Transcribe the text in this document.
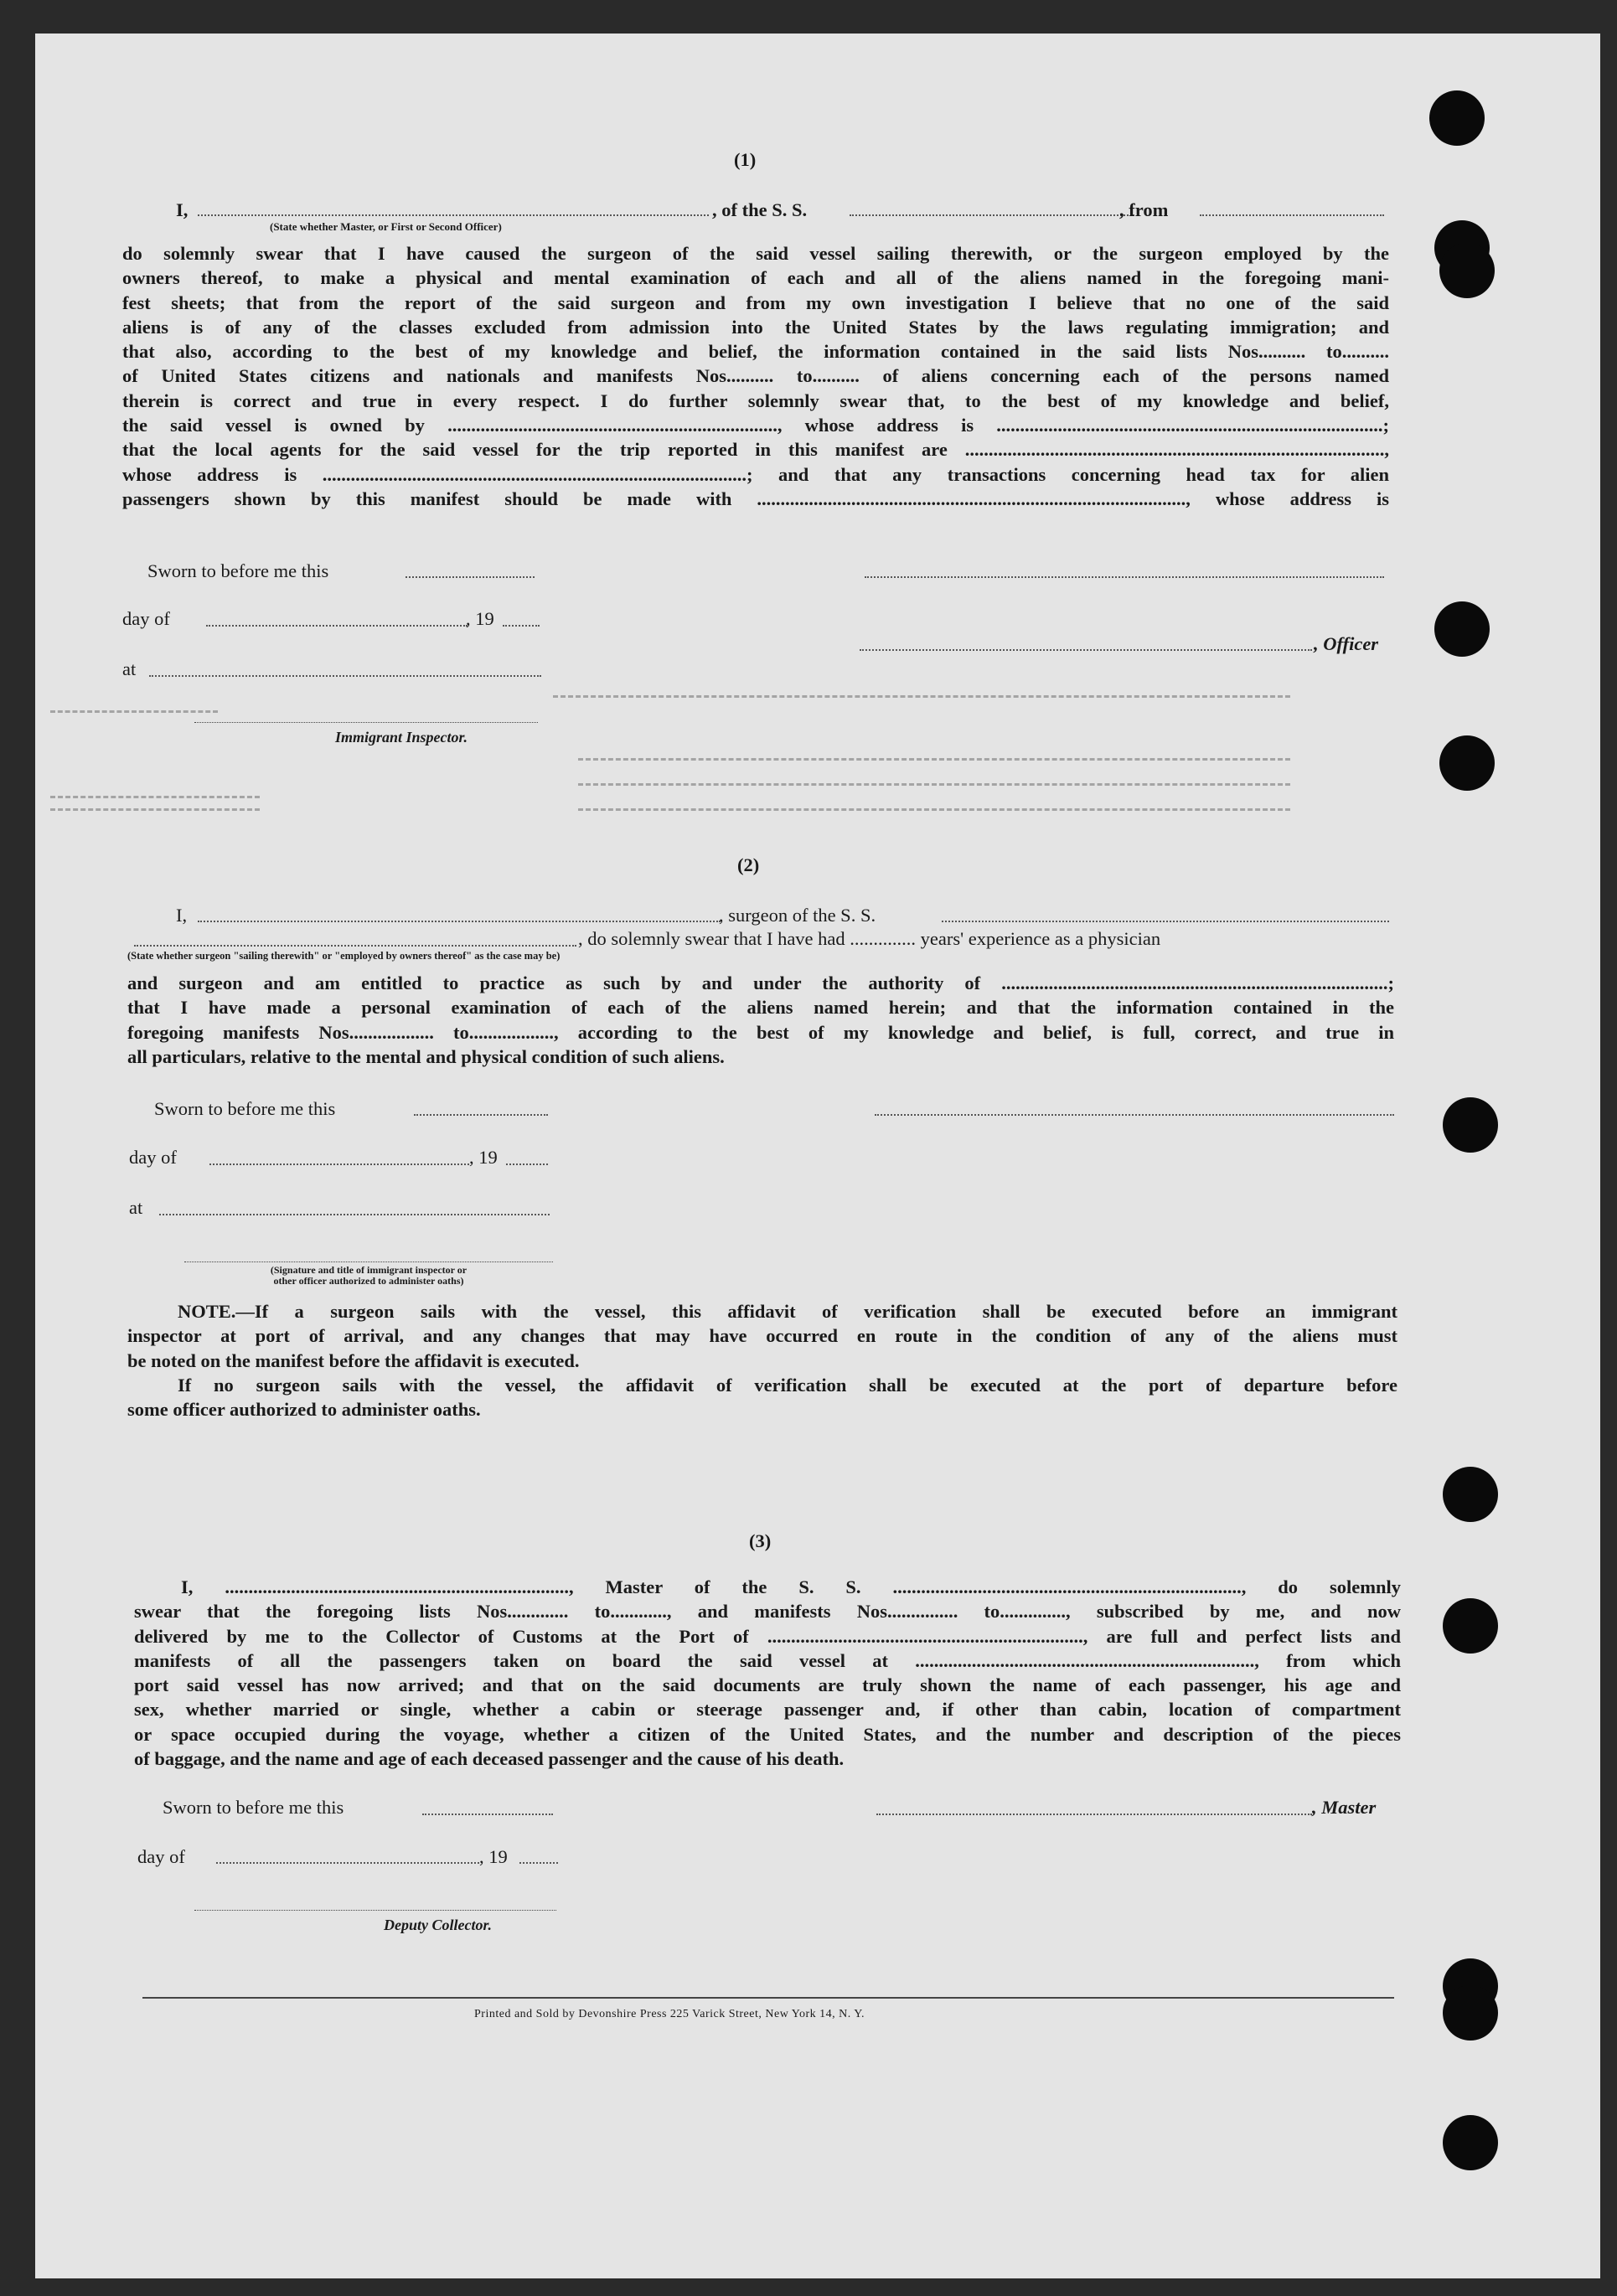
(1)
I,	, of the S. S.	, from
(State whether Master, or First or Second Officer)
do solemnly swear that I have caused the surgeon of the said vessel sailing therewith, or the surgeon employed by the
owners thereof, to make a physical and mental examination of each and all of the aliens named in the foregoing mani-
fest sheets; that from the report of the said surgeon and from my own investigation I believe that no one of the said
aliens is of any of the classes excluded from admission into the United States by the laws regulating immigration; and
that also, according to the best of my knowledge and belief, the information contained in the said lists Nos.......... to..........
of United States citizens and nationals and manifests Nos.......... to.......... of aliens concerning each of the persons named
therein is correct and true in every respect. I do further solemnly swear that, to the best of my knowledge and belief,
the said vessel is owned by ......................................................................, whose address is ..................................................................................;
that the local agents for the said vessel for the trip reported in this manifest are .........................................................................................,
whose address is ..........................................................................................; and that any transactions concerning head tax for alien
passengers shown by this manifest should be made with ..........................................................................................., whose address is
Sworn to before me this
day of	, 19
, Officer
at
Immigrant Inspector.
(2)
I,	, surgeon of the S. S.
, do solemnly swear that I have had .............. years' experience as a physician
(State whether surgeon "sailing therewith" or "employed by owners thereof" as the case may be)
and surgeon and am entitled to practice as such by and under the authority of ..................................................................................;
that I have made a personal examination of each of the aliens named herein; and that the information contained in the
foregoing manifests Nos.................. to.................., according to the best of my knowledge and belief, is full, correct, and true in
all particulars, relative to the mental and physical condition of such aliens.
Sworn to before me this
day of	, 19
at
(Signature and title of immigrant inspector or
other officer authorized to administer oaths)
NOTE.—If a surgeon sails with the vessel, this affidavit of verification shall be executed before an immigrant
inspector at port of arrival, and any changes that may have occurred en route in the condition of any of the aliens must
be noted on the manifest before the affidavit is executed.
If no surgeon sails with the vessel, the affidavit of verification shall be executed at the port of departure before
some officer authorized to administer oaths.
(3)
I, ........................................................................., Master of the S. S. .........................................................................., do solemnly
swear that the foregoing lists Nos............. to............, and manifests Nos............... to.............., subscribed by me, and now
delivered by me to the Collector of Customs at the Port of ..................................................................., are full and perfect lists and
manifests of all the passengers taken on board the said vessel at ........................................................................, from which
port said vessel has now arrived; and that on the said documents are truly shown the name of each passenger, his age and
sex, whether married or single, whether a cabin or steerage passenger and, if other than cabin, location of compartment
or space occupied during the voyage, whether a citizen of the United States, and the number and description of the pieces
of baggage, and the name and age of each deceased passenger and the cause of his death.
Sworn to before me this	, Master
day of	, 19
Deputy Collector.
Printed and Sold by Devonshire Press 225 Varick Street, New York 14, N. Y.
